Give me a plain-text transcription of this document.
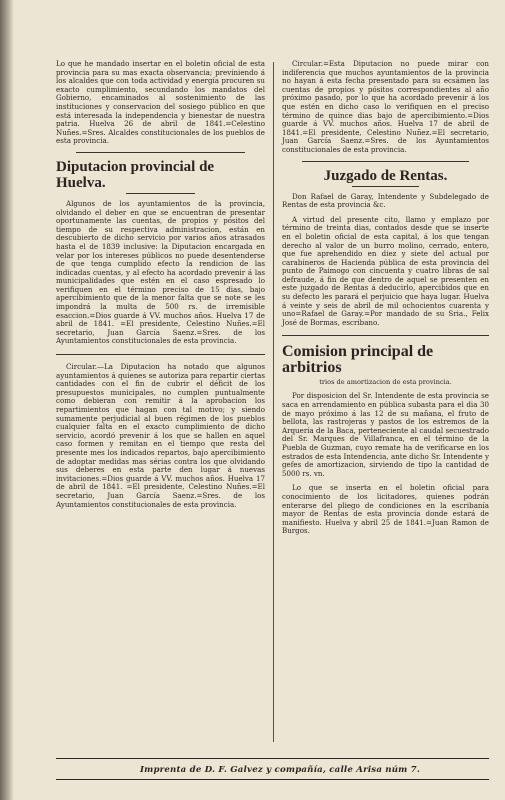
Lo que he mandado insertar en el boletin oficial de esta provincia para su mas exacta observancia; previniendo á los alcaldes que con toda actividad y energía procuren su exacto cumplimiento, secundando los mandatos del Gobierno, encaminados al sostenimiento de las instituciones y conservacion del sosiego público en que está interesada la independencia y bienestar de nuestra patria. Huelva 26 de abril de 1841.=Celestino Nuñes.=Sres. Alcaldes constitucionales de los pueblos de esta provincia.

Diputacion provincial de Huelva.

Algunos de los ayuntamientos de la provincia, olvidando el deber en que se encuentran de presentar oportunamente las cuentas, de propios y pósitos del tiempo de su respectiva administracion, están en descubierto de dicho servicio por varios años atrasados hasta el de 1839 inclusive: la Diputacion encargada en velar por los intereses públicos no puede desentenderse de que tenga cumplido efecto la rendicion de las indicadas cuentas, y al efecto ha acordado prevenir á las municipalidades que estén en el caso espresado lo verifiquen en el término preciso de 15 dias, bajo apercibimiento que de la menor falta que se note se les impondrá la multa de 500 rs. de irremisible esaccion.=Dios guarde á VV. muchos años. Huelva 17 de abril de 1841. =El presidente, Celestino Nuñes.=El secretario, Juan García Saenz.=Sres. de los Ayuntamientos constitucionales de esta provincia.

Circular.—La Diputacion ha notado que algunos ayuntamientos á quienes se autoriza para repartir ciertas cantidades con el fin de cubrir el déficit de los presupuestos municipales, no cumplen puntualmente como debieran con remitir á la aprobacion los repartimientos que hagan con tal motivo; y siendo sumamente perjudicial al buen régimen de los pueblos cualquier falta en el exacto cumplimiento de dicho servicio, acordó prevenir á los que se hallen en aquel caso formen y remitan en el tiempo que resta del presente mes los indicados repartos, bajo apercibimiento de adoptar medidas mas sérias contra los que olvidando sus deberes en esta parte den lugar á nuevas invitaciones.=Dios guarde á VV. muchos años. Huelva 17 de abril de 1841. =El presidente, Celestino Nuñes.=El secretario, Juan García Saenz.=Sres. de los Ayuntamientos constitucionales de esta provincia.

Circular.=Esta Diputacion no puede mirar con indiferencia que muchos ayuntamientos de la provincia no hayan á esta fecha presentado para su ecsámen las cuentas de propios y pósitos correspondientes al año próximo pasado, por lo que ha acordado prevenir á los que estén en dicho caso lo verifiquen en el preciso término de quince dias bajo de apercibimiento.=Dios guarde á VV. muchos años. Huelva 17 de abril de 1841.=El presidente, Celestino Nuñez.=El secretario, Juan García Saenz.=Sres. de los Ayuntamientos constitucionales de esta provincia.

Juzgado de Rentas.

Don Rafael de Garay, Intendente y Subdelegado de Rentas de esta provincia &c.

A virtud del presente cito, llamo y emplazo por término de treinta dias, contados desde que se inserte en el boletin oficial de esta capital, á los que tengan derecho al valor de un burro molino, cerrado, entero, que fue aprehendido en diez y siete del actual por carabineros de Hacienda pública de esta provincia del punto de Paimogo con cincuenta y cuatro libras de sal defraude, á fin de que dentro de aquel se presenten en este juzgado de Rentas á deducirlo, apercibidos que en su defecto les parará el perjuicio que haya lugar. Huelva á veinte y seis de abril de mil ochocientos cuarenta y uno=Rafael de Garay.=Por mandado de su Sria., Felix José de Bormas, escribano.

Comision principal de arbitrios
trios de amortizacion de esta provincia.

Por disposicion del Sr. Intendente de esta provincia se saca en arrendamiento en pública subasta para el dia 30 de mayo próximo á las 12 de su mañana, el fruto de bellota, las rastrojeras y pastos de los estremos de la Arquería de la Baca, perteneciente al caudal secuestrado del Sr. Marques de Villafranca, en el término de la Puebla de Guzman, cuyo remate ha de verificarse en los estrados de esta Intendencia, ante dicho Sr. Intendente y gefes de amortizacion, sirviendo de tipo la cantidad de 5000 rs. vn.

Lo que se inserta en el boletin oficial para conocimiento de los licitadores, quienes podrán enterarse del pliego de condiciones en la escribanía mayor de Rentas de esta provincia donde estará de manifiesto. Huelva y abril 25 de 1841.=Juan Ramon de Burgos.

Imprenta de D. F. Galvez y compañía, calle Arisa núm 7.
